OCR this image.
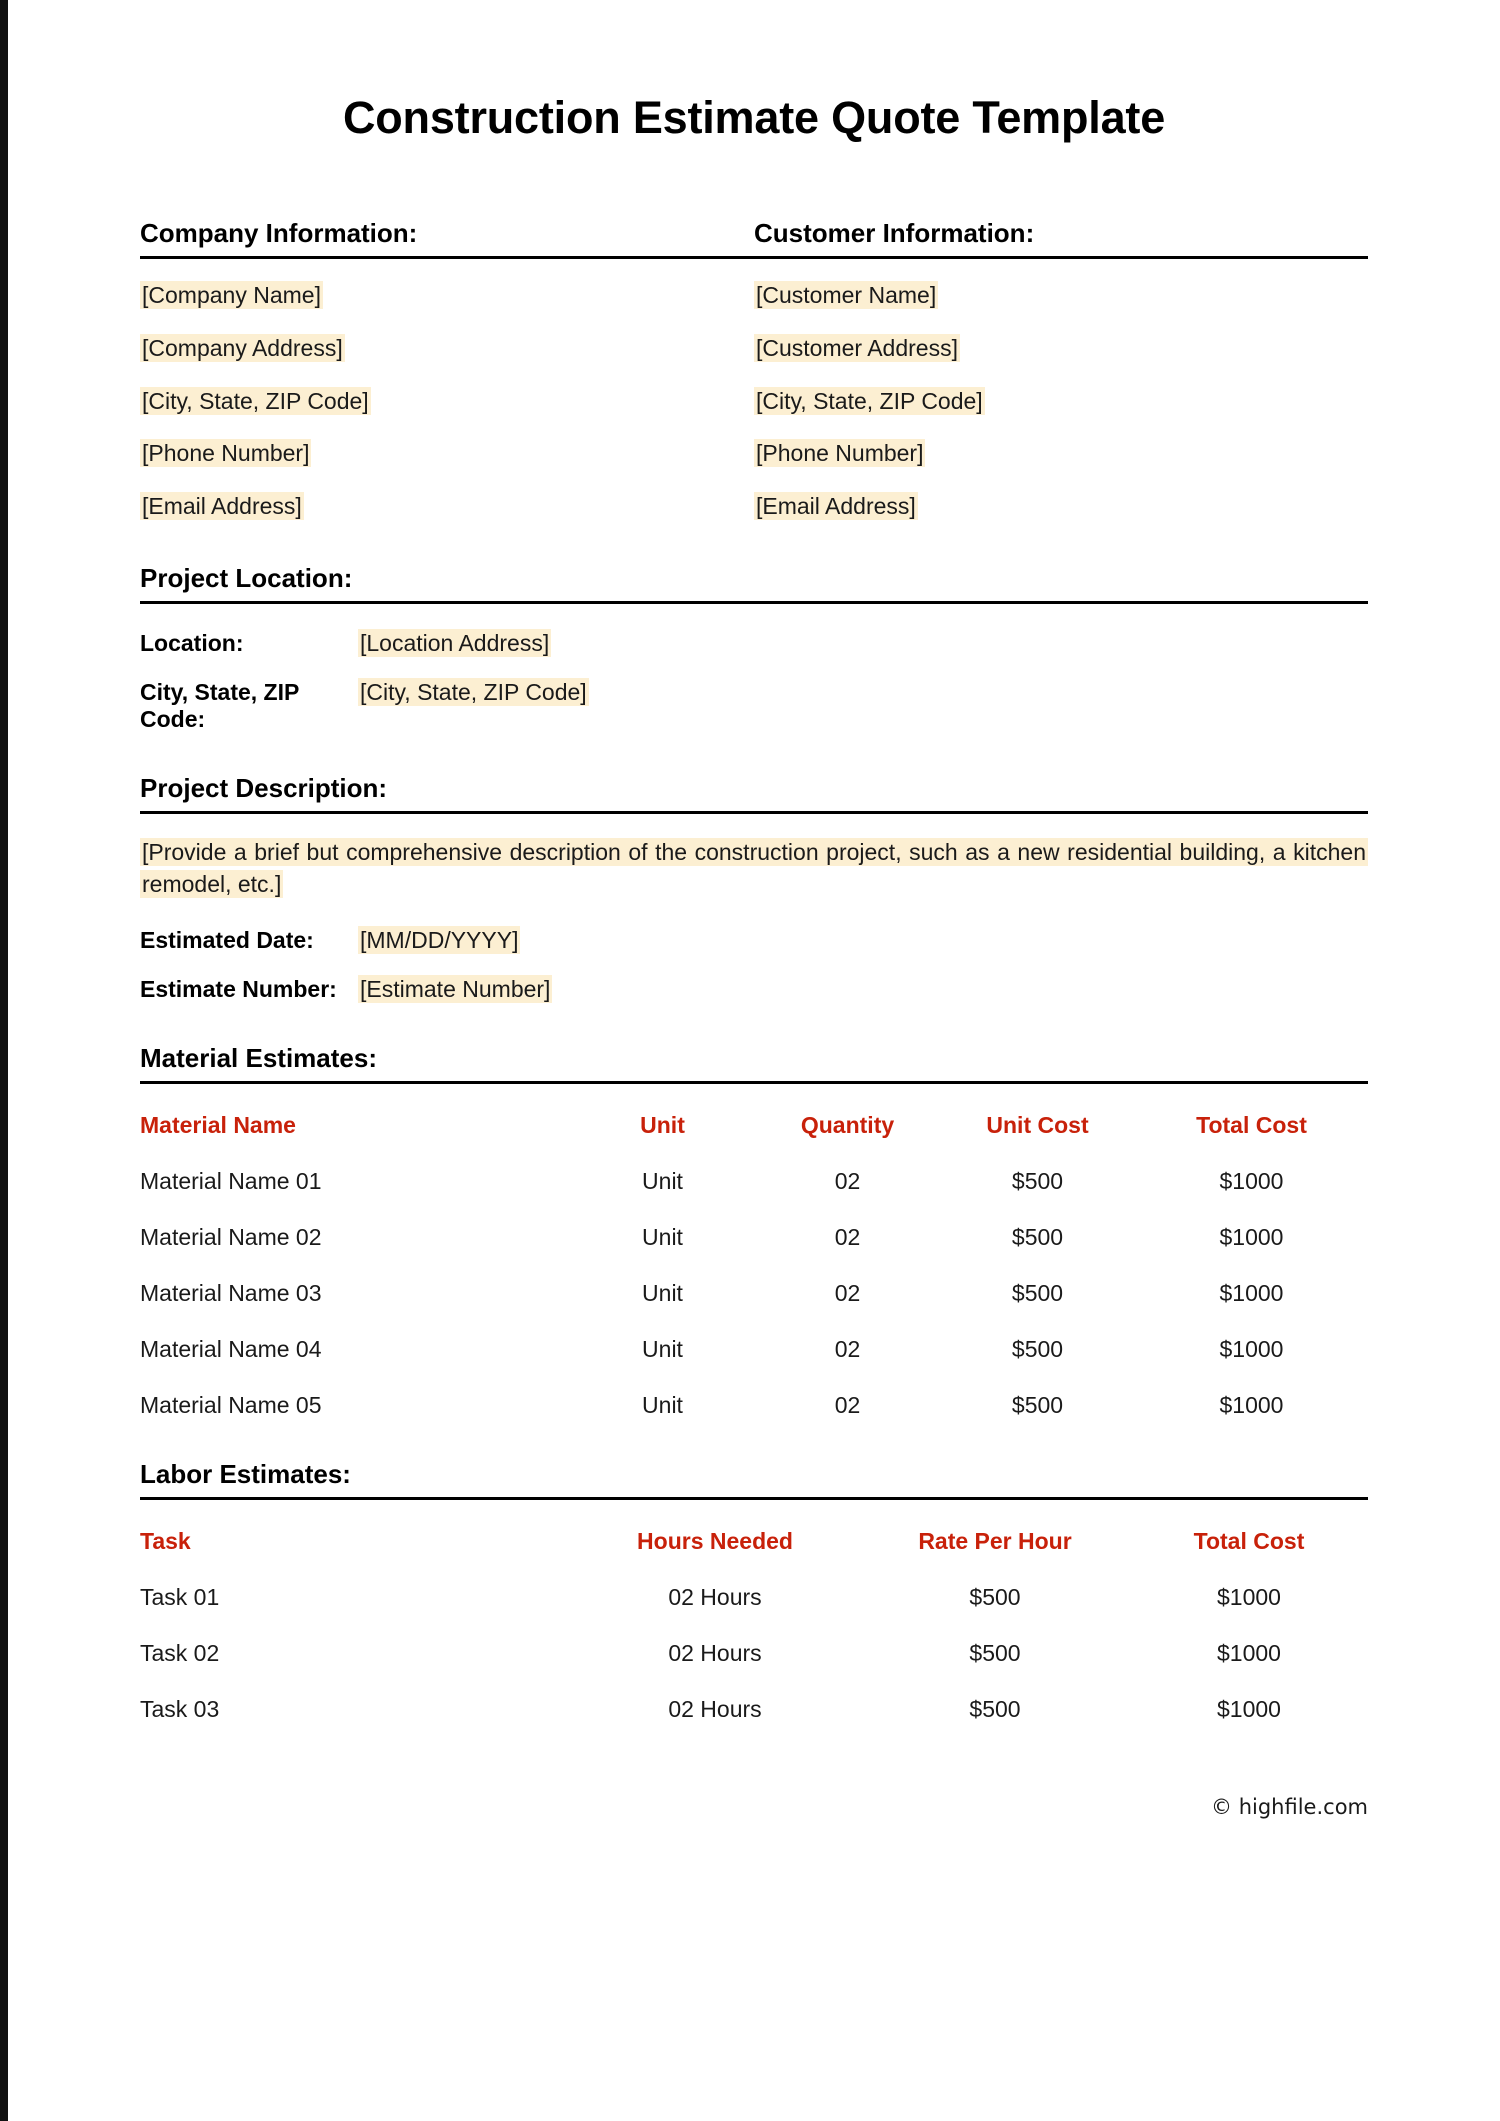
Construction Estimate Quote Template
Company Information:	Customer Information:
[Company Name]
[Company Address]
[City, State, ZIP Code]
[Phone Number]
[Email Address]
[Customer Name]
[Customer Address]
[City, State, ZIP Code]
[Phone Number]
[Email Address]
Project Location:
Location:	[Location Address]
City, State, ZIP Code:
[City, State, ZIP Code]
Project Description:
[Provide a brief but comprehensive description of the construction project, such as a new residential building, a kitchen remodel, etc.]
Estimated Date:	[MM/DD/YYYY]
Estimate Number:	[Estimate Number]
Material Estimates:
Material Name	Unit	Quantity	Unit Cost	Total Cost
Material Name 01	Unit	02	$500	$1000
Material Name 02	Unit	02	$500	$1000
Material Name 03	Unit	02	$500	$1000
Material Name 04	Unit	02	$500	$1000
Material Name 05	Unit	02	$500	$1000
Labor Estimates:
Task	Hours Needed	Rate Per Hour	Total Cost
Task 01	02 Hours	$500	$1000
Task 02	02 Hours	$500	$1000
Task 03	02 Hours	$500	$1000
© highfile.com
